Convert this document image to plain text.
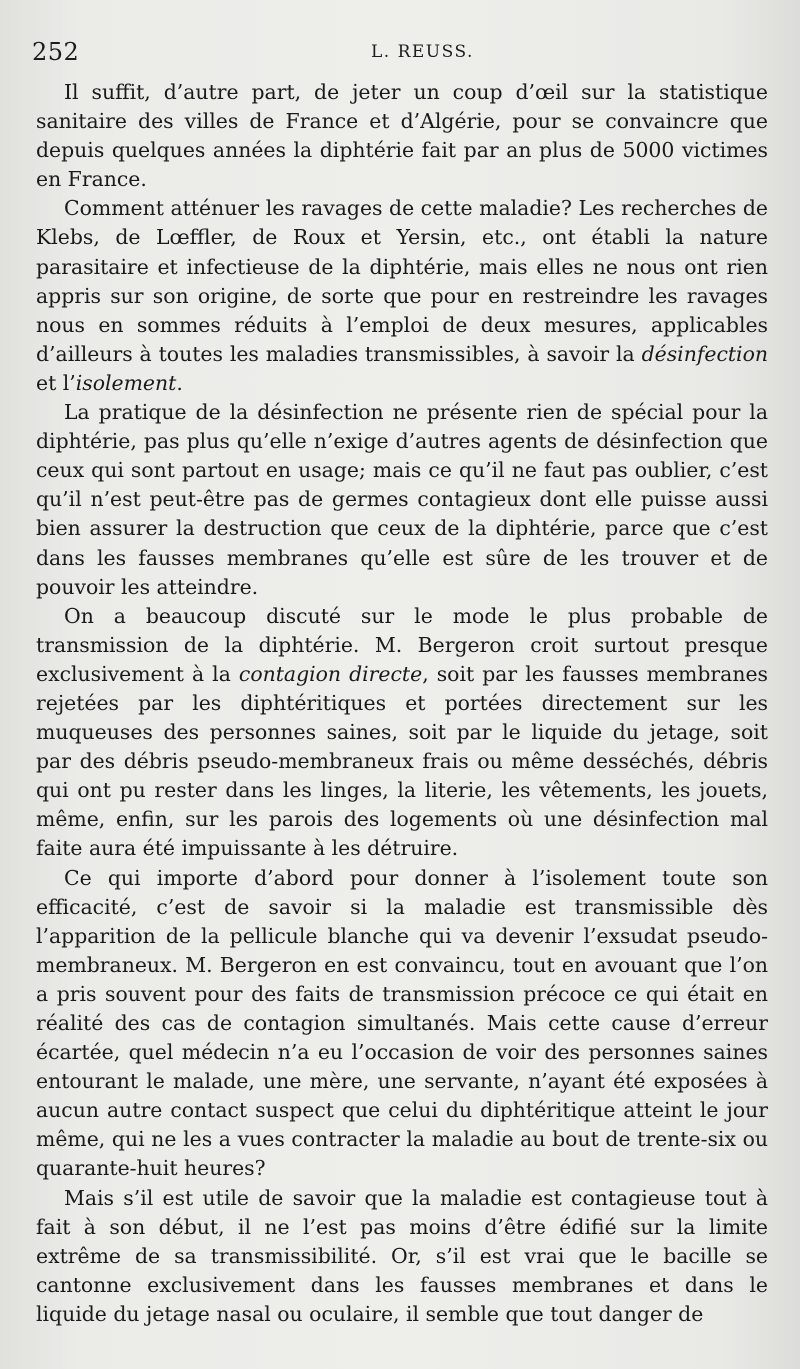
252	L. REUSS.

Il suffit, d’autre part, de jeter un coup d’œil sur la statistique sanitaire des villes de France et d’Algérie, pour se convaincre que depuis quelques années la diphtérie fait par an plus de 5000 victimes en France.

Comment atténuer les ravages de cette maladie? Les recherches de Klebs, de Lœffler, de Roux et Yersin, etc., ont établi la nature parasitaire et infectieuse de la diphtérie, mais elles ne nous ont rien appris sur son origine, de sorte que pour en restreindre les ravages nous en sommes réduits à l’emploi de deux mesures, applicables d’ailleurs à toutes les maladies transmissibles, à savoir la désinfection et l’isolement.

La pratique de la désinfection ne présente rien de spécial pour la diphtérie, pas plus qu’elle n’exige d’autres agents de désinfection que ceux qui sont partout en usage; mais ce qu’il ne faut pas oublier, c’est qu’il n’est peut-être pas de germes contagieux dont elle puisse aussi bien assurer la destruction que ceux de la diphtérie, parce que c’est dans les fausses membranes qu’elle est sûre de les trouver et de pouvoir les atteindre.

On a beaucoup discuté sur le mode le plus probable de transmission de la diphtérie. M. Bergeron croit surtout presque exclusivement à la contagion directe, soit par les fausses membranes rejetées par les diphtéritiques et portées directement sur les muqueuses des personnes saines, soit par le liquide du jetage, soit par des débris pseudo-membraneux frais ou même desséchés, débris qui ont pu rester dans les linges, la literie, les vêtements, les jouets, même, enfin, sur les parois des logements où une désinfection mal faite aura été impuissante à les détruire.

Ce qui importe d’abord pour donner à l’isolement toute son efficacité, c’est de savoir si la maladie est transmissible dès l’apparition de la pellicule blanche qui va devenir l’exsudat pseudo-membraneux. M. Bergeron en est convaincu, tout en avouant que l’on a pris souvent pour des faits de transmission précoce ce qui était en réalité des cas de contagion simultanés. Mais cette cause d’erreur écartée, quel médecin n’a eu l’occasion de voir des personnes saines entourant le malade, une mère, une servante, n’ayant été exposées à aucun autre contact suspect que celui du diphtéritique atteint le jour même, qui ne les a vues contracter la maladie au bout de trente-six ou quarante-huit heures?

Mais s’il est utile de savoir que la maladie est contagieuse tout à fait à son début, il ne l’est pas moins d’être édifié sur la limite extrême de sa transmissibilité. Or, s’il est vrai que le bacille se cantonne exclusivement dans les fausses membranes et dans le liquide du jetage nasal ou oculaire, il semble que tout danger de
